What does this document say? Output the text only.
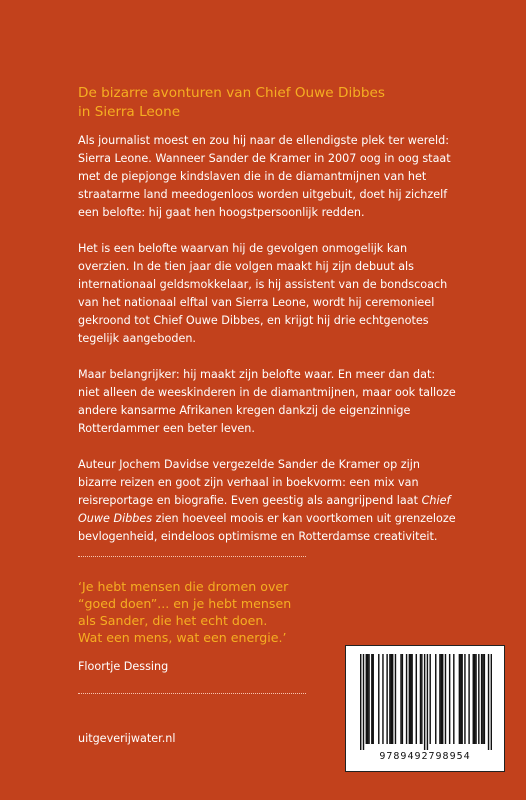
De bizarre avonturen van Chief Ouwe Dibbes
in Sierra Leone

Als journalist moest en zou hij naar de ellendigste plek ter wereld: Sierra Leone. Wanneer Sander de Kramer in 2007 oog in oog staat met de piepjonge kindslaven die in de diamantmijnen van het straatarme land meedogenloos worden uitgebuit, doet hij zichzelf een belofte: hij gaat hen hoogstpersoonlijk redden.

Het is een belofte waarvan hij de gevolgen onmogelijk kan overzien. In de tien jaar die volgen maakt hij zijn debuut als internationaal geldsmokkelaar, is hij assistent van de bondscoach van het nationaal elftal van Sierra Leone, wordt hij ceremonieel gekroond tot Chief Ouwe Dibbes, en krijgt hij drie echtgenotes tegelijk aangeboden.

Maar belangrijker: hij maakt zijn belofte waar. En meer dan dat: niet alleen de weeskinderen in de diamantmijnen, maar ook talloze andere kansarme Afrikanen kregen dankzij de eigenzinnige Rotterdammer een beter leven.

Auteur Jochem Davidse vergezelde Sander de Kramer op zijn bizarre reizen en goot zijn verhaal in boekvorm: een mix van reisreportage en biografie. Even geestig als aangrijpend laat Chief Ouwe Dibbes zien hoeveel moois er kan voortkomen uit grenzeloze bevlogenheid, eindeloos optimisme en Rotterdamse creativiteit.

‘Je hebt mensen die dromen over
“goed doen”... en je hebt mensen
als Sander, die het echt doen.
Wat een mens, wat een energie.’

Floortje Dessing
uitgeverijwater.nl
9789492798954
